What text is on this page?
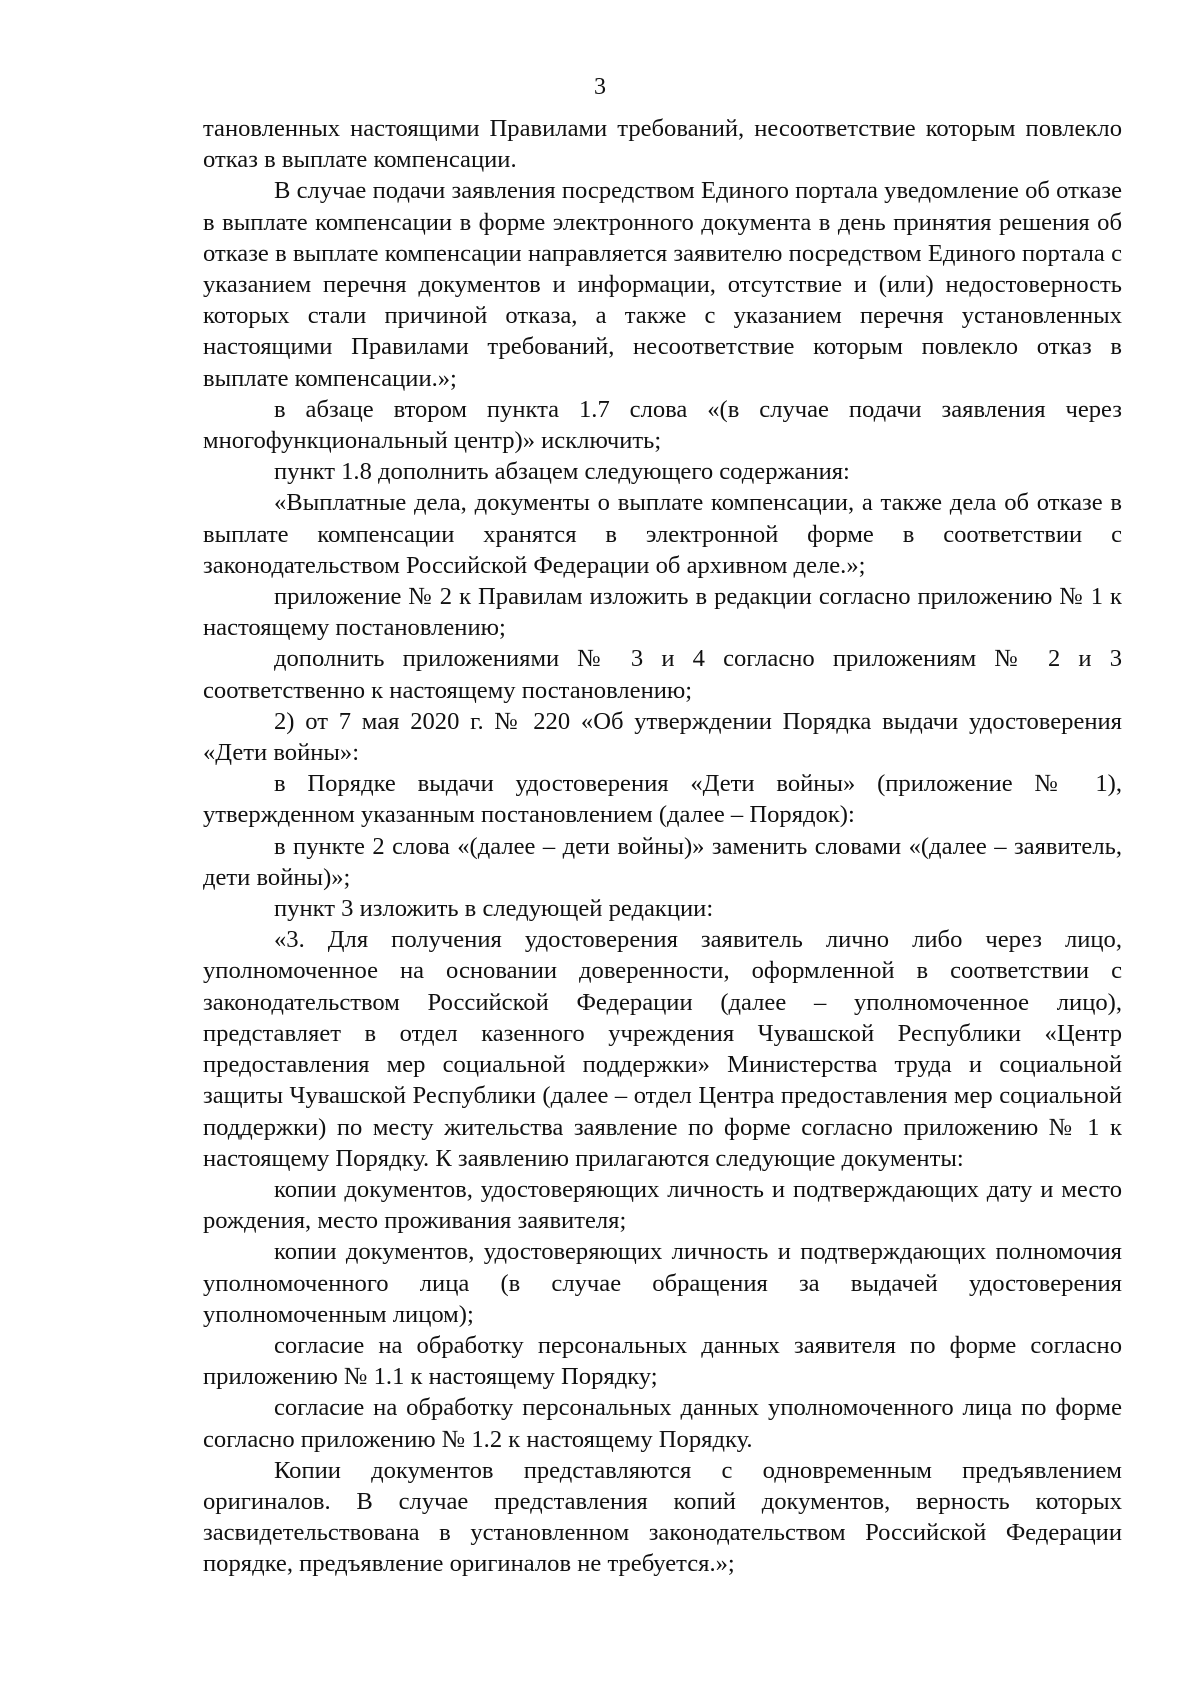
3

тановленных настоящими Правилами требований, несоответствие которым повлекло отказ в выплате компенсации.

В случае подачи заявления посредством Единого портала уведомление об отказе в выплате компенсации в форме электронного документа в день принятия решения об отказе в выплате компенсации направляется заявителю посредством Единого портала с указанием перечня документов и информации, отсутствие и (или) недостоверность которых стали причиной отказа, а также с указанием перечня установленных настоящими Правилами требований, несоответствие которым повлекло отказ в выплате компенсации.»;

в абзаце втором пункта 1.7 слова «(в случае подачи заявления через многофункциональный центр)» исключить;

пункт 1.8 дополнить абзацем следующего содержания:

«Выплатные дела, документы о выплате компенсации, а также дела об отказе в выплате компенсации хранятся в электронной форме в соответствии с законодательством Российской Федерации об архивном деле.»;

приложение № 2 к Правилам изложить в редакции согласно приложению № 1 к настоящему постановлению;

дополнить приложениями № 3 и 4 согласно приложениям № 2 и 3 соответственно к настоящему постановлению;

2) от 7 мая 2020 г. № 220 «Об утверждении Порядка выдачи удостоверения «Дети войны»:

в Порядке выдачи удостоверения «Дети войны» (приложение № 1), утвержденном указанным постановлением (далее – Порядок):

в пункте 2 слова «(далее – дети войны)» заменить словами «(далее – заявитель, дети войны)»;

пункт 3 изложить в следующей редакции:

«3. Для получения удостоверения заявитель лично либо через лицо, уполномоченное на основании доверенности, оформленной в соответствии с законодательством Российской Федерации (далее – уполномоченное лицо), представляет в отдел казенного учреждения Чувашской Республики «Центр предоставления мер социальной поддержки» Министерства труда и социальной защиты Чувашской Республики (далее – отдел Центра предоставления мер социальной поддержки) по месту жительства заявление по форме согласно приложению № 1 к настоящему Порядку. К заявлению прилагаются следующие документы:

копии документов, удостоверяющих личность и подтверждающих дату и место рождения, место проживания заявителя;

копии документов, удостоверяющих личность и подтверждающих полномочия уполномоченного лица (в случае обращения за выдачей удостоверения уполномоченным лицом);

согласие на обработку персональных данных заявителя по форме согласно приложению № 1.1 к настоящему Порядку;

согласие на обработку персональных данных уполномоченного лица по форме согласно приложению № 1.2 к настоящему Порядку.

Копии документов представляются с одновременным предъявлением оригиналов. В случае представления копий документов, верность которых засвидетельствована в установленном законодательством Российской Федерации порядке, предъявление оригиналов не требуется.»;
